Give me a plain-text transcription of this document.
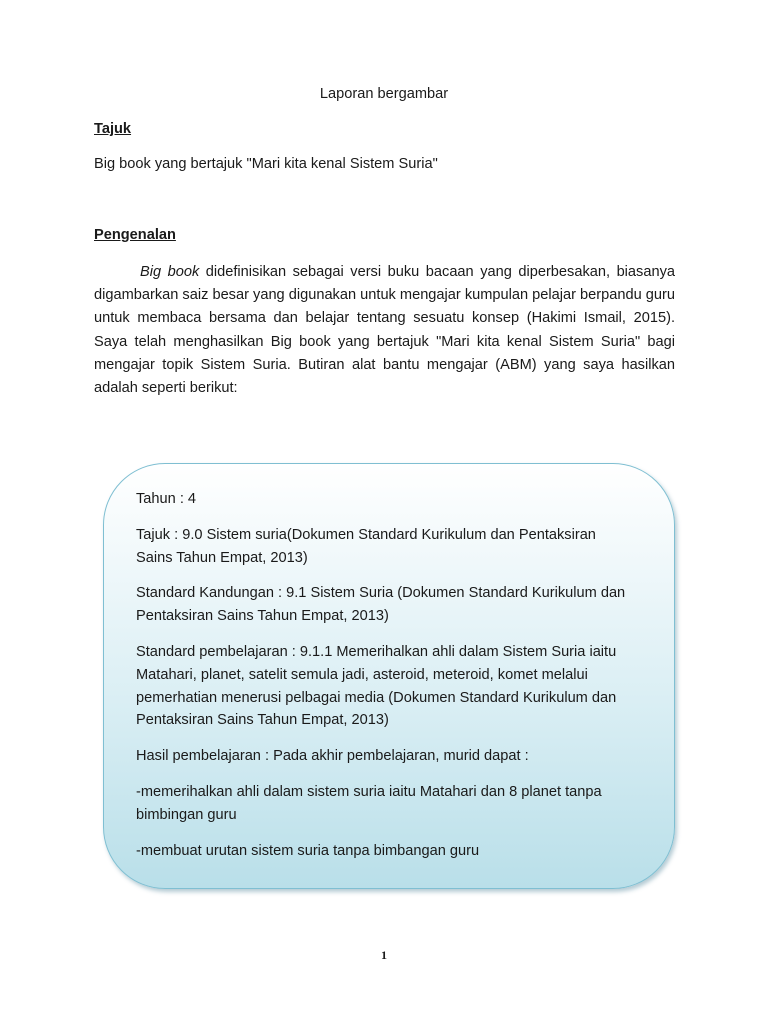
Laporan bergambar
Tajuk
Big book yang bertajuk "Mari kita kenal Sistem Suria"
Pengenalan

Big book didefinisikan sebagai versi buku bacaan yang diperbesakan, biasanya digambarkan saiz besar yang digunakan untuk mengajar kumpulan pelajar berpandu guru untuk membaca bersama dan belajar tentang sesuatu konsep (Hakimi Ismail, 2015). Saya telah menghasilkan Big book yang bertajuk "Mari kita kenal Sistem Suria" bagi mengajar topik Sistem Suria. Butiran alat bantu mengajar (ABM) yang saya hasilkan adalah seperti berikut:

Tahun : 4

Tajuk : 9.0 Sistem suria(Dokumen Standard Kurikulum dan Pentaksiran Sains Tahun Empat, 2013)

Standard Kandungan : 9.1 Sistem Suria (Dokumen Standard Kurikulum dan Pentaksiran Sains Tahun Empat, 2013)

Standard pembelajaran : 9.1.1 Memerihalkan ahli dalam Sistem Suria iaitu Matahari, planet, satelit semula jadi, asteroid, meteroid, komet melalui pemerhatian menerusi pelbagai media (Dokumen Standard Kurikulum dan Pentaksiran Sains Tahun Empat, 2013)

Hasil pembelajaran : Pada akhir pembelajaran, murid dapat :

-memerihalkan ahli dalam sistem suria iaitu Matahari dan 8 planet tanpa bimbingan guru

-membuat urutan sistem suria tanpa bimbangan guru

1
